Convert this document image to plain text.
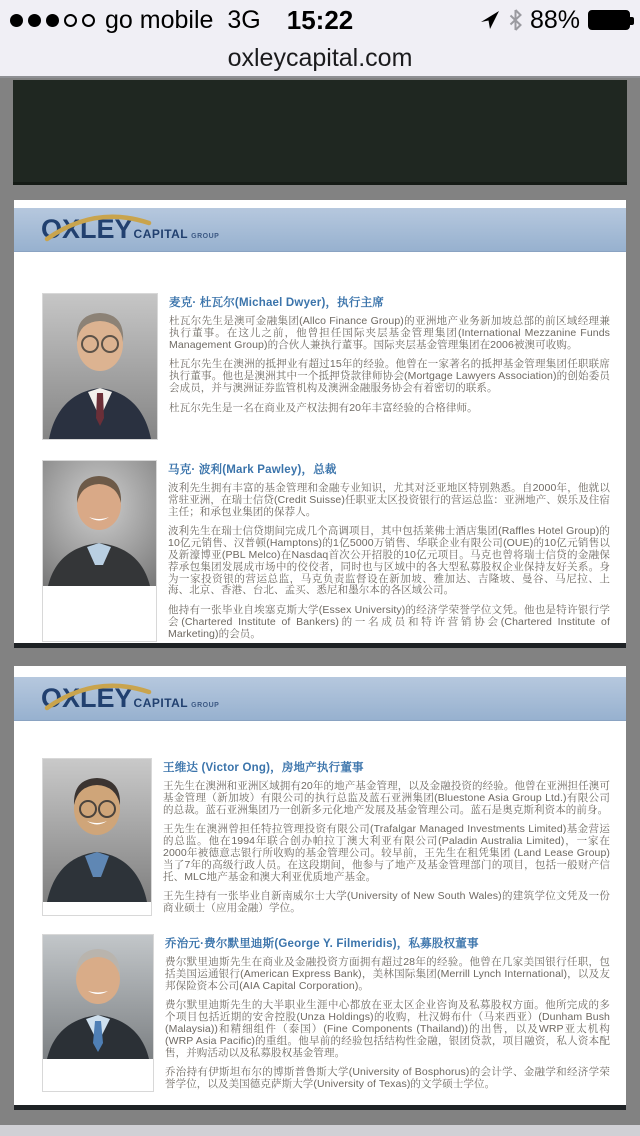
go mobile 3G 15:22	88%
oxleycapital.com
OXLEY CAPITAL GROUP
麦克· 杜瓦尔(Michael Dwyer)，执行主席

杜瓦尔先生是澳可金融集团(Allco Finance Group)的亚洲地产业务新加坡总部的前区域经理兼执行董事。在这儿之前，他曾担任国际夹层基金管理集团(International Mezzanine Funds Management Group)的合伙人兼执行董事。国际夹层基金管理集团在2006被澳可收购。

杜瓦尔先生在澳洲的抵押业有超过15年的经验。他曾在一家著名的抵押基金管理集团任职联席执行董事。他也是澳洲其中一个抵押贷款律师协会(Mortgage Lawyers Association)的创始委员会成员，并与澳洲证券监管机构及澳洲金融服务协会有着密切的联系。

杜瓦尔先生是一名在商业及产权法拥有20年丰富经验的合格律师。

马克· 波利(Mark Pawley)，总裁

波利先生拥有丰富的基金管理和金融专业知识，尤其对泛亚地区特别熟悉。自2000年，他就以常驻亚洲，在瑞士信贷(Credit Suisse)任职亚太区投资银行的营运总监：亚洲地产、娱乐及住宿主任；和承包业集团的保荐人。

波利先生在瑞士信贷期间完成几个高调项目，其中包括莱佛士酒店集团(Raffles Hotel Group)的10亿元销售、汉普顿(Hamptons)的1亿5000万销售、华联企业有限公司(OUE)的10亿元销售以及新濠博亚(PBL Melco)在Nasdaq首次公开招股的10亿元项目。马克也曾将瑞士信贷的金融保荐承包集团发展成市场中的佼佼者，同时也与区域中的各大型私募股权企业保持友好关系。身为一家投资银的营运总监，马克负责监督设在新加坡、雅加达、吉隆坡、曼谷、马尼拉、上海、北京、香港、台北、孟买、悉尼和墨尔本的各区域公司。

他持有一张毕业自埃塞克斯大学(Essex University)的经济学荣誉学位文凭。他也是特许银行学会(Chartered Institute of Bankers)的一名成员和特许营销协会(Chartered Institute of Marketing)的会员。

OXLEY CAPITAL GROUP
王维达 (Victor Ong)，房地产执行董事

王先生在澳洲和亚洲区域拥有20年的地产基金管理，以及金融投资的经验。他曾在亚洲担任澳可基金管理（新加坡）有限公司的执行总监及蓝石亚洲集团(Bluestone Asia Group Ltd.)有限公司的总裁。蓝石亚洲集团乃一创新多元化地产发展及基金管理公司。蓝石是奥克斯利资本的前身。

王先生在澳洲曾担任特拉管理投资有限公司(Trafalgar Managed Investments Limited)基金营运的总监。他在1994年联合创办帕拉丁澳大利亚有限公司(Paladin Australia Limited)，一家在2000年被德意志银行所收购的基金管理公司。较早前，王先生在租凭集团 (Land Lease Group)当了7年的高级行政人员。在这段期间，他参与了地产及基金管理部门的项目，包括一般财产信托、MLC地产基金和澳大利亚优质地产基金。

王先生持有一张毕业自新南威尔士大学(University of New South Wales)的建筑学位文凭及一份商业硕士（应用金融）学位。

乔治元·费尔默里迪斯(George Y. Filmeridis)，私募股权董事

费尔默里迪斯先生在商业及金融投资方面拥有超过28年的经验。他曾在几家美国银行任职，包括美国运通银行(American Express Bank)，美林国际集团(Merrill Lynch International)，以及友邦保险资本公司(AIA Capital Corporation)。

费尔默里迪斯先生的大半职业生涯中心都放在亚太区企业咨询及私募股权方面。他所完成的多个项目包括近期的安舍控股(Unza Holdings)的收购，杜汉姆布什（马来西亚）(Dunham Bush (Malaysia))和精细组件（泰国）(Fine Components (Thailand))的出售，以及WRP亚太机构(WRP Asia Pacific)的重组。他早前的经验包括结构性金融，银团贷款，项目融资，私人资本配售，并购活动以及私募股权基金管理。

乔治持有伊斯坦布尔的博斯普鲁斯大学(University of Bosphorus)的会计学、金融学和经济学荣誉学位，以及美国德克萨斯大学(University of Texas)的文学硕士学位。
